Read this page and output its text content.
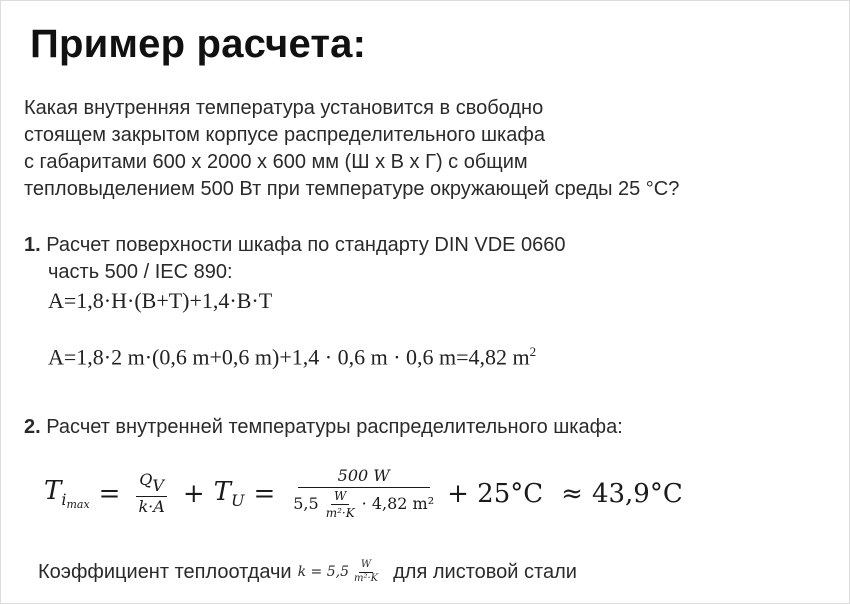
Пример расчета:
Какая внутренняя температура установится в свободно
стоящем закрытом корпусе распределительного шкафа
с габаритами 600 х 2000 х 600 мм (Ш х В х Г) с общим
тепловыделением 500 Вт при температуре окружающей среды 25 °С?
1. Расчет поверхности шкафа по стандарту DIN VDE 0660
часть 500 / IEC 890:
A=1,8·H·(B+T)+1,4·B·T
A=1,8·2 m·(0,6 m+0,6 m)+1,4 · 0,6 m · 0,6 m=4,82 $m^2$
2. Расчет внутренней температуры распределительного шкафа:
$T_{i_{max}} = \frac{Q_V}{k\cdot A} + T_U = \frac{500 W}{5,5 \frac{W}{\text{m²·K}} \cdot 4,82 m^2} + 25^\circ C \approx 43,9^\circ C$
Коэффициент теплоотдачи $k = 5,5 \frac{W}{\text{m²·K}}$ для листовой стали
